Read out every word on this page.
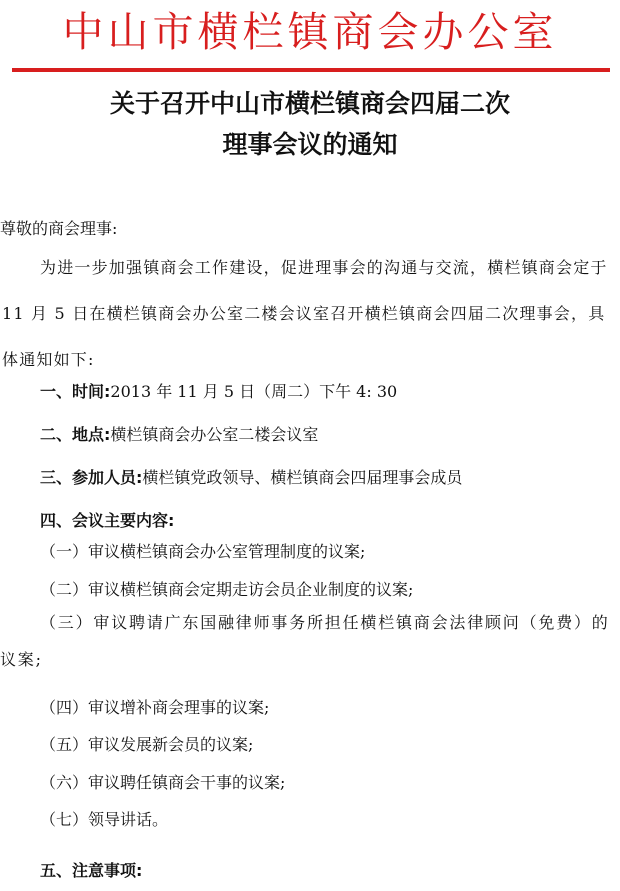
中山市横栏镇商会办公室
关于召开中山市横栏镇商会四届二次
理事会议的通知
尊敬的商会理事:
为进一步加强镇商会工作建设，促进理事会的沟通与交流，横栏镇商会定于 11 月 5 日在横栏镇商会办公室二楼会议室召开横栏镇商会四届二次理事会，具体通知如下:
一、时间:2013 年 11 月 5 日（周二）下午 4: 30
二、地点:横栏镇商会办公室二楼会议室
三、参加人员:横栏镇党政领导、横栏镇商会四届理事会成员
四、会议主要内容:
（一）审议横栏镇商会办公室管理制度的议案;
（二）审议横栏镇商会定期走访会员企业制度的议案;
（三）审议聘请广东国融律师事务所担任横栏镇商会法律顾问（免费）的议案;
（四）审议增补商会理事的议案;
（五）审议发展新会员的议案;
（六）审议聘任镇商会干事的议案;
（七）领导讲话。
五、注意事项:
